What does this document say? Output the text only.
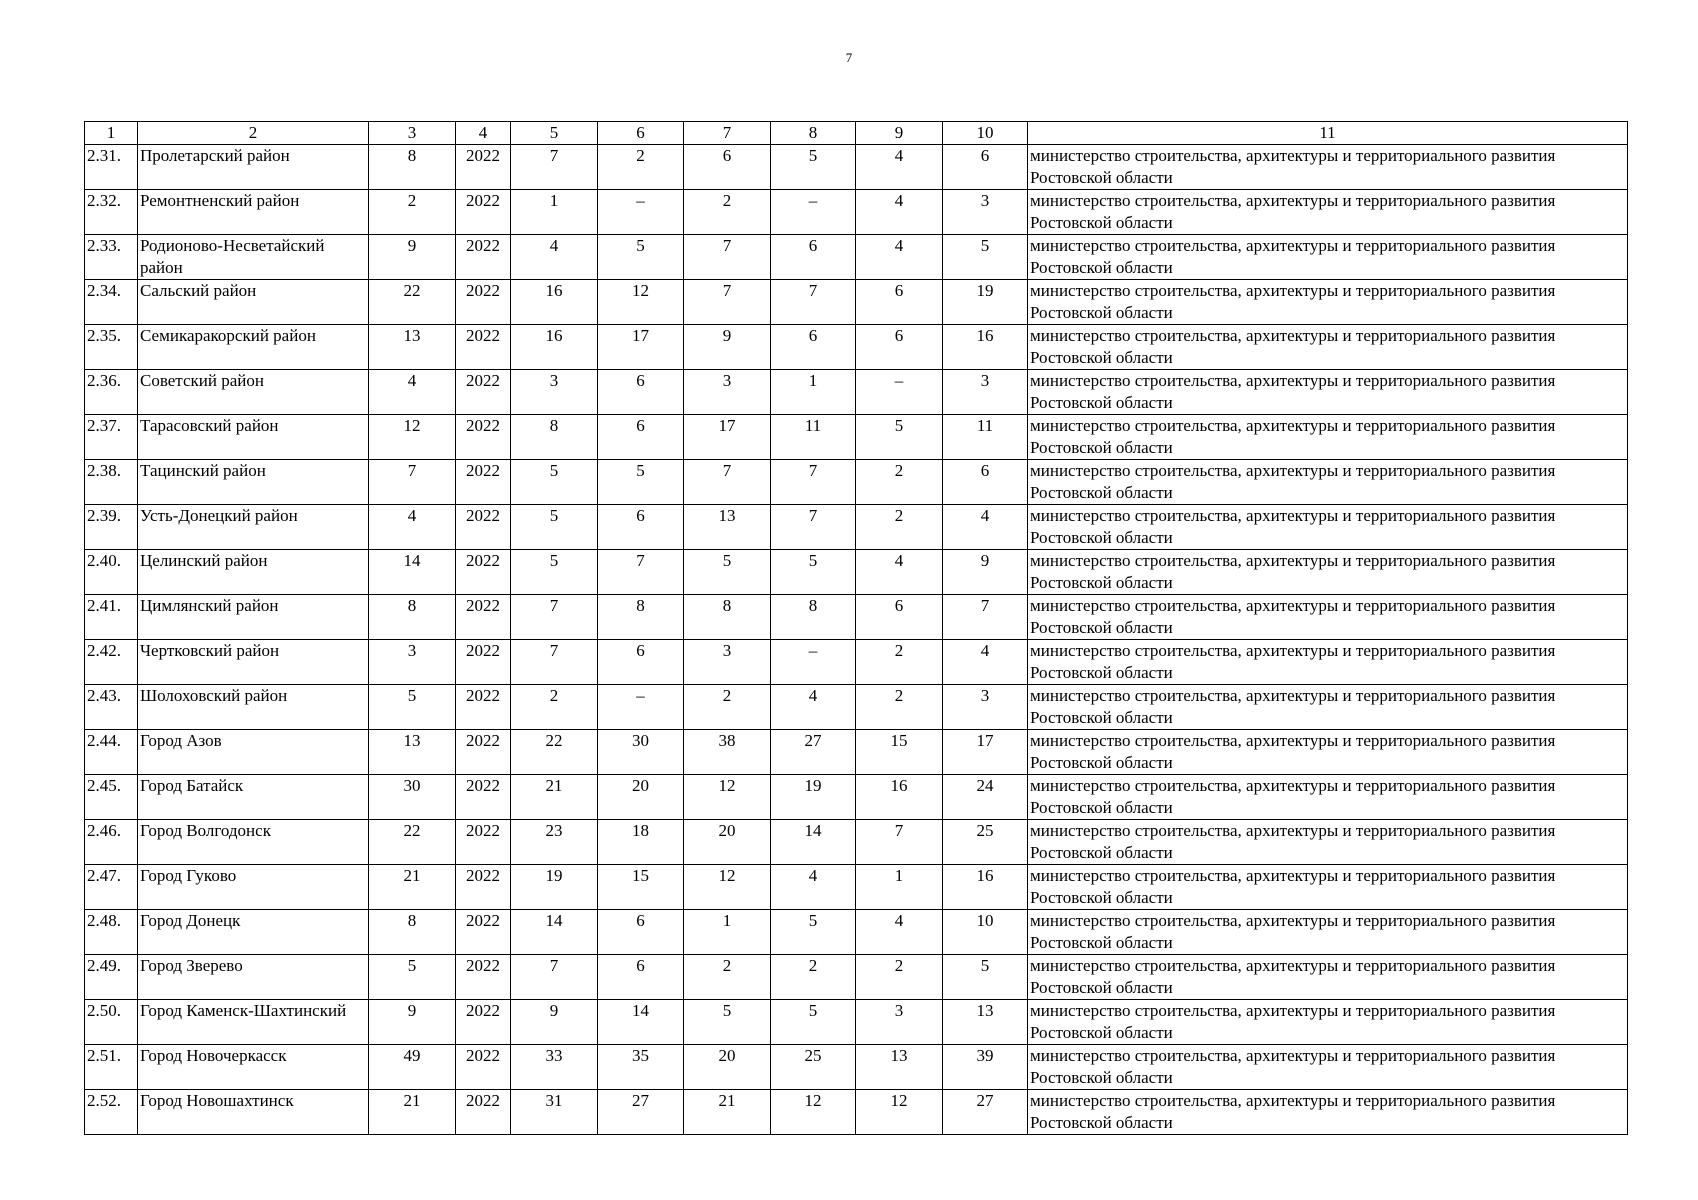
7
1	2	3	4	5	6	7	8	9	10	11
2.31.	Пролетарский район	8	2022	7	2	6	5	4	6	министерство строительства, архитектуры и территориального развития Ростовской области
2.32.	Ремонтненский район	2	2022	1	–	2	–	4	3	министерство строительства, архитектуры и территориального развития Ростовской области
2.33.	Родионово-Несветайский район	9	2022	4	5	7	6	4	5	министерство строительства, архитектуры и территориального развития Ростовской области
2.34.	Сальский район	22	2022	16	12	7	7	6	19	министерство строительства, архитектуры и территориального развития Ростовской области
2.35.	Семикаракорский район	13	2022	16	17	9	6	6	16	министерство строительства, архитектуры и территориального развития Ростовской области
2.36.	Советский район	4	2022	3	6	3	1	–	3	министерство строительства, архитектуры и территориального развития Ростовской области
2.37.	Тарасовский район	12	2022	8	6	17	11	5	11	министерство строительства, архитектуры и территориального развития Ростовской области
2.38.	Тацинский район	7	2022	5	5	7	7	2	6	министерство строительства, архитектуры и территориального развития Ростовской области
2.39.	Усть-Донецкий район	4	2022	5	6	13	7	2	4	министерство строительства, архитектуры и территориального развития Ростовской области
2.40.	Целинский район	14	2022	5	7	5	5	4	9	министерство строительства, архитектуры и территориального развития Ростовской области
2.41.	Цимлянский район	8	2022	7	8	8	8	6	7	министерство строительства, архитектуры и территориального развития Ростовской области
2.42.	Чертковский район	3	2022	7	6	3	–	2	4	министерство строительства, архитектуры и территориального развития Ростовской области
2.43.	Шолоховский район	5	2022	2	–	2	4	2	3	министерство строительства, архитектуры и территориального развития Ростовской области
2.44.	Город Азов	13	2022	22	30	38	27	15	17	министерство строительства, архитектуры и территориального развития Ростовской области
2.45.	Город Батайск	30	2022	21	20	12	19	16	24	министерство строительства, архитектуры и территориального развития Ростовской области
2.46.	Город Волгодонск	22	2022	23	18	20	14	7	25	министерство строительства, архитектуры и территориального развития Ростовской области
2.47.	Город Гуково	21	2022	19	15	12	4	1	16	министерство строительства, архитектуры и территориального развития Ростовской области
2.48.	Город Донецк	8	2022	14	6	1	5	4	10	министерство строительства, архитектуры и территориального развития Ростовской области
2.49.	Город Зверево	5	2022	7	6	2	2	2	5	министерство строительства, архитектуры и территориального развития Ростовской области
2.50.	Город Каменск-Шахтинский	9	2022	9	14	5	5	3	13	министерство строительства, архитектуры и территориального развития Ростовской области
2.51.	Город Новочеркасск	49	2022	33	35	20	25	13	39	министерство строительства, архитектуры и территориального развития Ростовской области
2.52.	Город Новошахтинск	21	2022	31	27	21	12	12	27	министерство строительства, архитектуры и территориального развития Ростовской области
